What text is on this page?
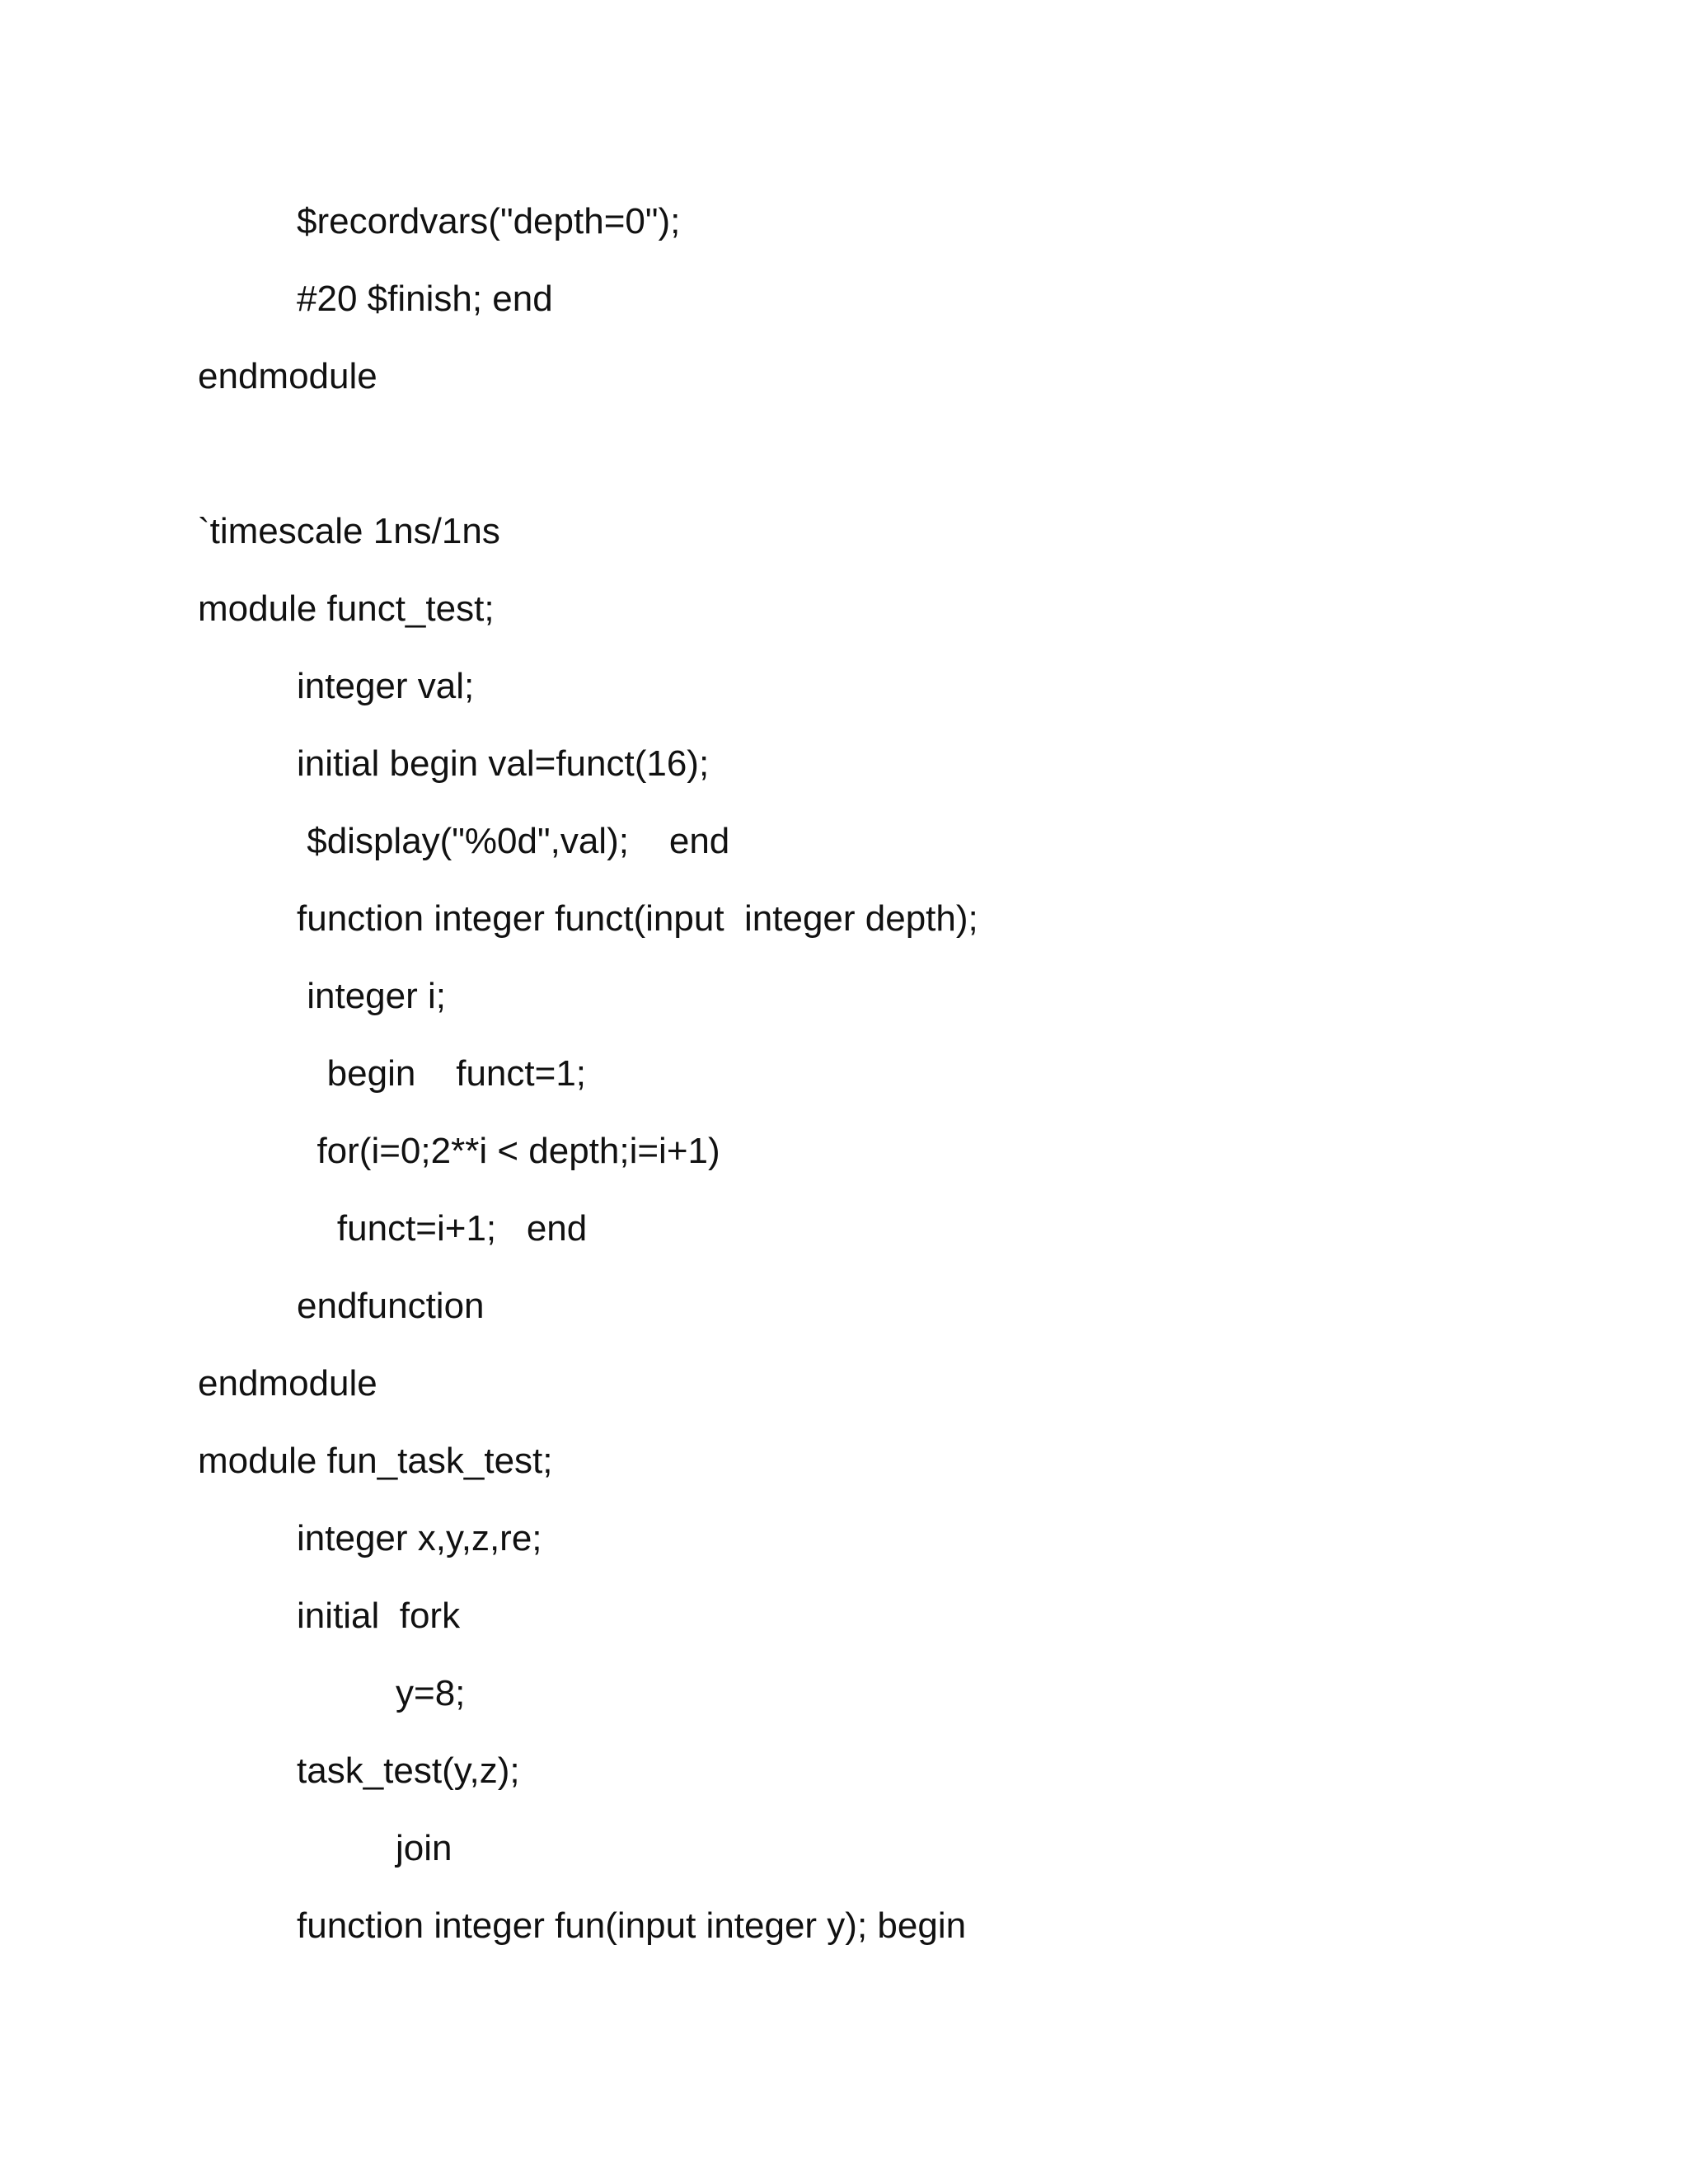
$recordvars("depth=0");

#20 $finish; end

endmodule

`timescale 1ns/1ns

module funct_test;

integer val;

initial begin val=funct(16);

$display("%0d",val);    end

function integer funct(input  integer depth);

integer i;

begin    funct=1;

for(i=0;2**i < depth;i=i+1)

funct=i+1;   end

endfunction

endmodule

module fun_task_test;

integer x,y,z,re;

initial  fork

y=8;

task_test(y,z);

join

function integer fun(input integer y); begin
